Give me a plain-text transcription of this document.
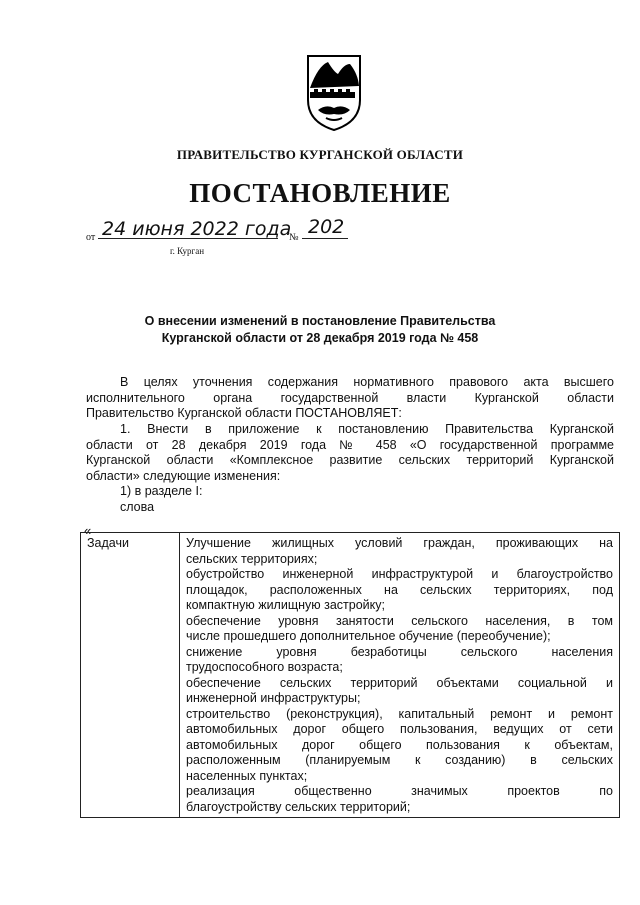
ПРАВИТЕЛЬСТВО КУРГАНСКОЙ ОБЛАСТИ
ПОСТАНОВЛЕНИЕ
от 24 июня 2022 года
№ 202
г. Курган
О внесении изменений в постановление Правительства
Курганской области от 28 декабря 2019 года № 458
В целях уточнения содержания нормативного правового акта высшего
исполнительного органа государственной власти Курганской области
Правительство Курганской области ПОСТАНОВЛЯЕТ:
1. Внести в приложение к постановлению Правительства Курганской
области от 28 декабря 2019 года № 458 «О государственной программе
Курганской области «Комплексное развитие сельских территорий Курганской
области» следующие изменения:
1) в разделе I:
слова
«
Задачи	Улучшение жилищных условий граждан, проживающих на
сельских территориях;
обустройство инженерной инфраструктурой и благоустройство
площадок, расположенных на сельских территориях, под
компактную жилищную застройку;
обеспечение уровня занятости сельского населения, в том
числе прошедшего дополнительное обучение (переобучение);
снижение уровня безработицы сельского населения
трудоспособного возраста;
обеспечение сельских территорий объектами социальной и
инженерной инфраструктуры;
строительство (реконструкция), капитальный ремонт и ремонт
автомобильных дорог общего пользования, ведущих от сети
автомобильных дорог общего пользования к объектам,
расположенным (планируемым к созданию) в сельских
населенных пунктах;
реализация общественно значимых проектов по
благоустройству сельских территорий;
